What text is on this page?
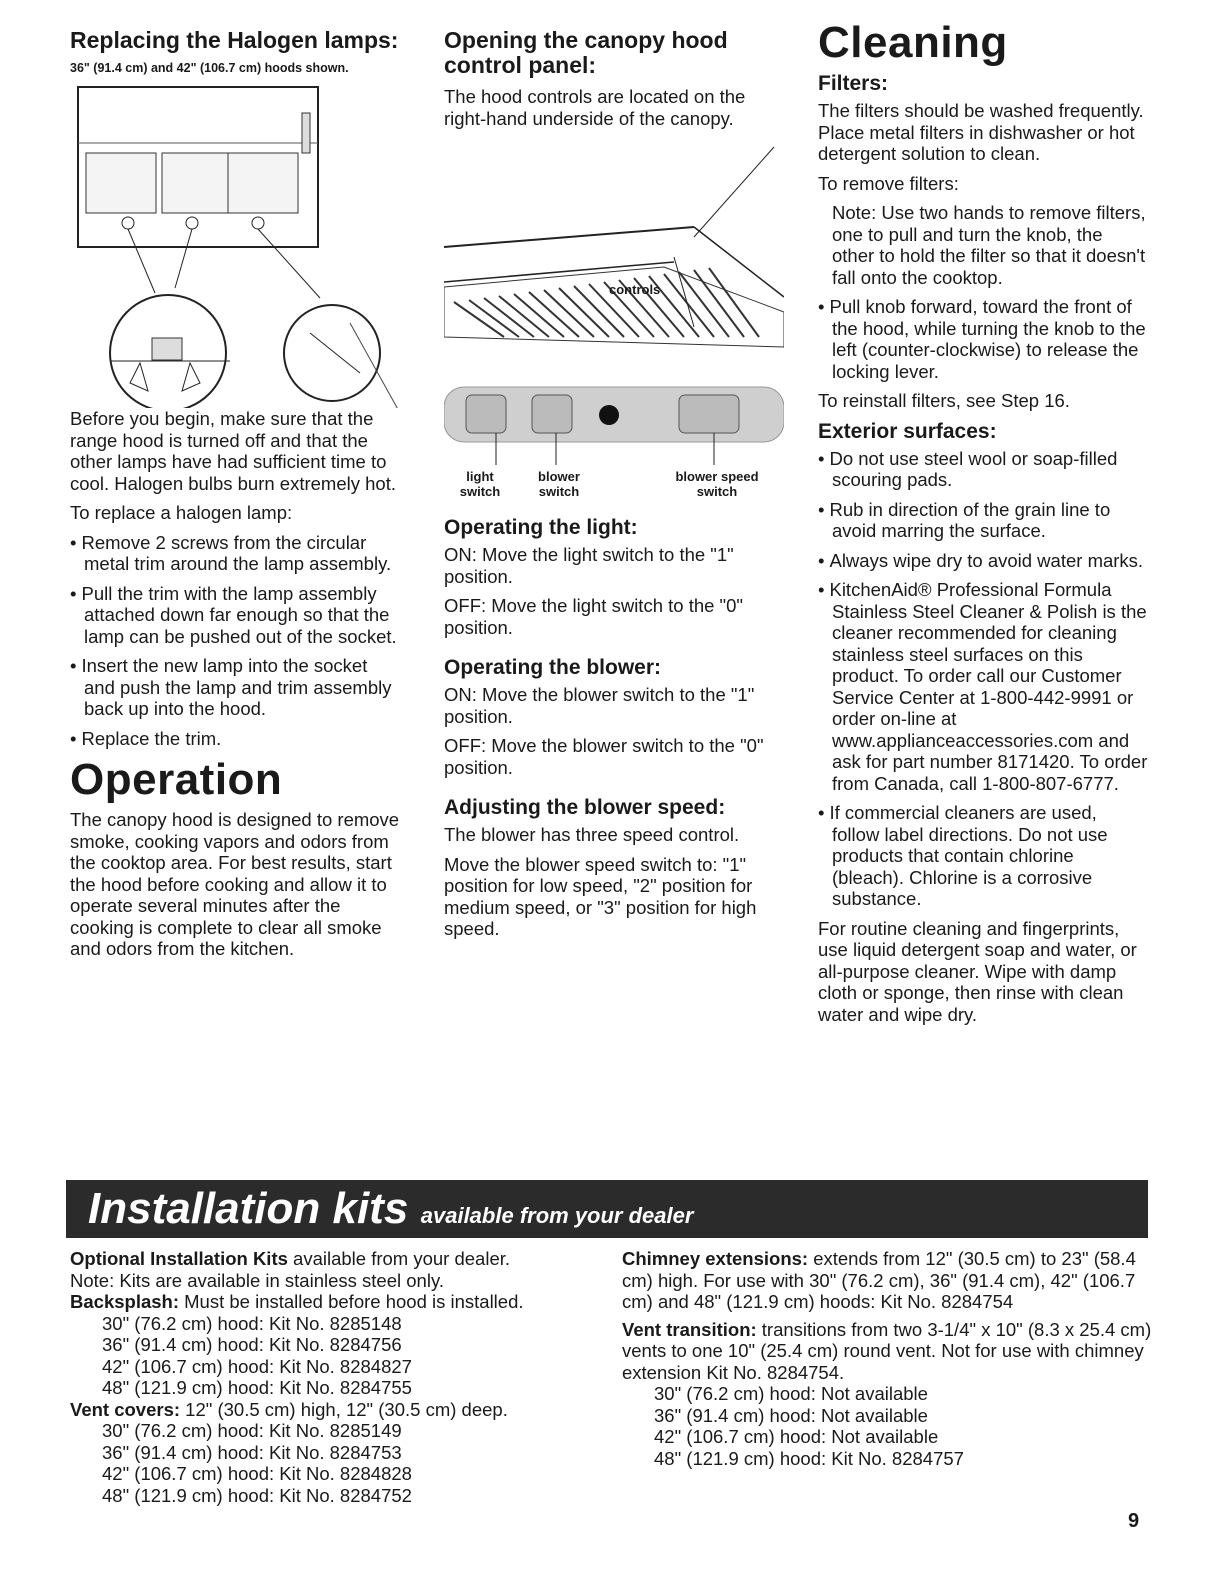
Replacing the Halogen lamps:
36" (91.4 cm) and 42" (106.7 cm) hoods shown.

Before you begin, make sure that the range hood is turned off and that the other lamps have had sufficient time to cool. Halogen bulbs burn extremely hot.

To replace a halogen lamp:

• Remove 2 screws from the circular metal trim around the lamp assembly.
• Pull the trim with the lamp assembly attached down far enough so that the lamp can be pushed out of the socket.
• Insert the new lamp into the socket and push the lamp and trim assembly back up into the hood.
• Replace the trim.
Operation

The canopy hood is designed to remove smoke, cooking vapors and odors from the cooktop area. For best results, start the hood before cooking and allow it to operate several minutes after the cooking is complete to clear all smoke and odors from the kitchen.

Opening the canopy hood control panel:

The hood controls are located on the right-hand underside of the canopy.

controls
light switch
blower switch
blower speed switch
Operating the light:

ON: Move the light switch to the "1" position.

OFF: Move the light switch to the "0" position.

Operating the blower:

ON: Move the blower switch to the "1" position.

OFF: Move the blower switch to the "0" position.

Adjusting the blower speed:

The blower has three speed control.

Move the blower speed switch to: "1" position for low speed, "2" position for medium speed, or "3" position for high speed.

Cleaning
Filters:

The filters should be washed frequently. Place metal filters in dishwasher or hot detergent solution to clean.

To remove filters:

Note: Use two hands to remove filters, one to pull and turn the knob, the other to hold the filter so that it doesn't fall onto the cooktop.

• Pull knob forward, toward the front of the hood, while turning the knob to the left (counter-clockwise) to release the locking lever.

To reinstall filters, see Step 16.

Exterior surfaces:
• Do not use steel wool or soap-filled scouring pads.
• Rub in direction of the grain line to avoid marring the surface.
• Always wipe dry to avoid water marks.
• KitchenAid® Professional Formula Stainless Steel Cleaner & Polish is the cleaner recommended for cleaning stainless steel surfaces on this product. To order call our Customer Service Center at 1-800-442-9991 or order on-line at www.applianceaccessories.com and ask for part number 8171420. To order from Canada, call 1-800-807-6777.
• If commercial cleaners are used, follow label directions. Do not use products that contain chlorine (bleach). Chlorine is a corrosive substance.

For routine cleaning and fingerprints, use liquid detergent soap and water, or all-purpose cleaner. Wipe with damp cloth or sponge, then rinse with clean water and wipe dry.

Installation kits available from your dealer

Optional Installation Kits available from your dealer.

Note: Kits are available in stainless steel only.

Backsplash: Must be installed before hood is installed.

30" (76.2 cm) hood: Kit No. 8285148
36" (91.4 cm) hood: Kit No. 8284756
42" (106.7 cm) hood: Kit No. 8284827
48" (121.9 cm) hood: Kit No. 8284755

Vent covers: 12" (30.5 cm) high, 12" (30.5 cm) deep.

30" (76.2 cm) hood: Kit No. 8285149
36" (91.4 cm) hood: Kit No. 8284753
42" (106.7 cm) hood: Kit No. 8284828
48" (121.9 cm) hood: Kit No. 8284752

Chimney extensions: extends from 12" (30.5 cm) to 23" (58.4 cm) high. For use with 30" (76.2 cm), 36" (91.4 cm), 42" (106.7 cm) and 48" (121.9 cm) hoods: Kit No. 8284754

Vent transition: transitions from two 3-1/4" x 10" (8.3 x 25.4 cm) vents to one 10" (25.4 cm) round vent. Not for use with chimney extension Kit No. 8284754.

30" (76.2 cm) hood: Not available
36" (91.4 cm) hood: Not available
42" (106.7 cm) hood: Not available
48" (121.9 cm) hood: Kit No. 8284757
9
